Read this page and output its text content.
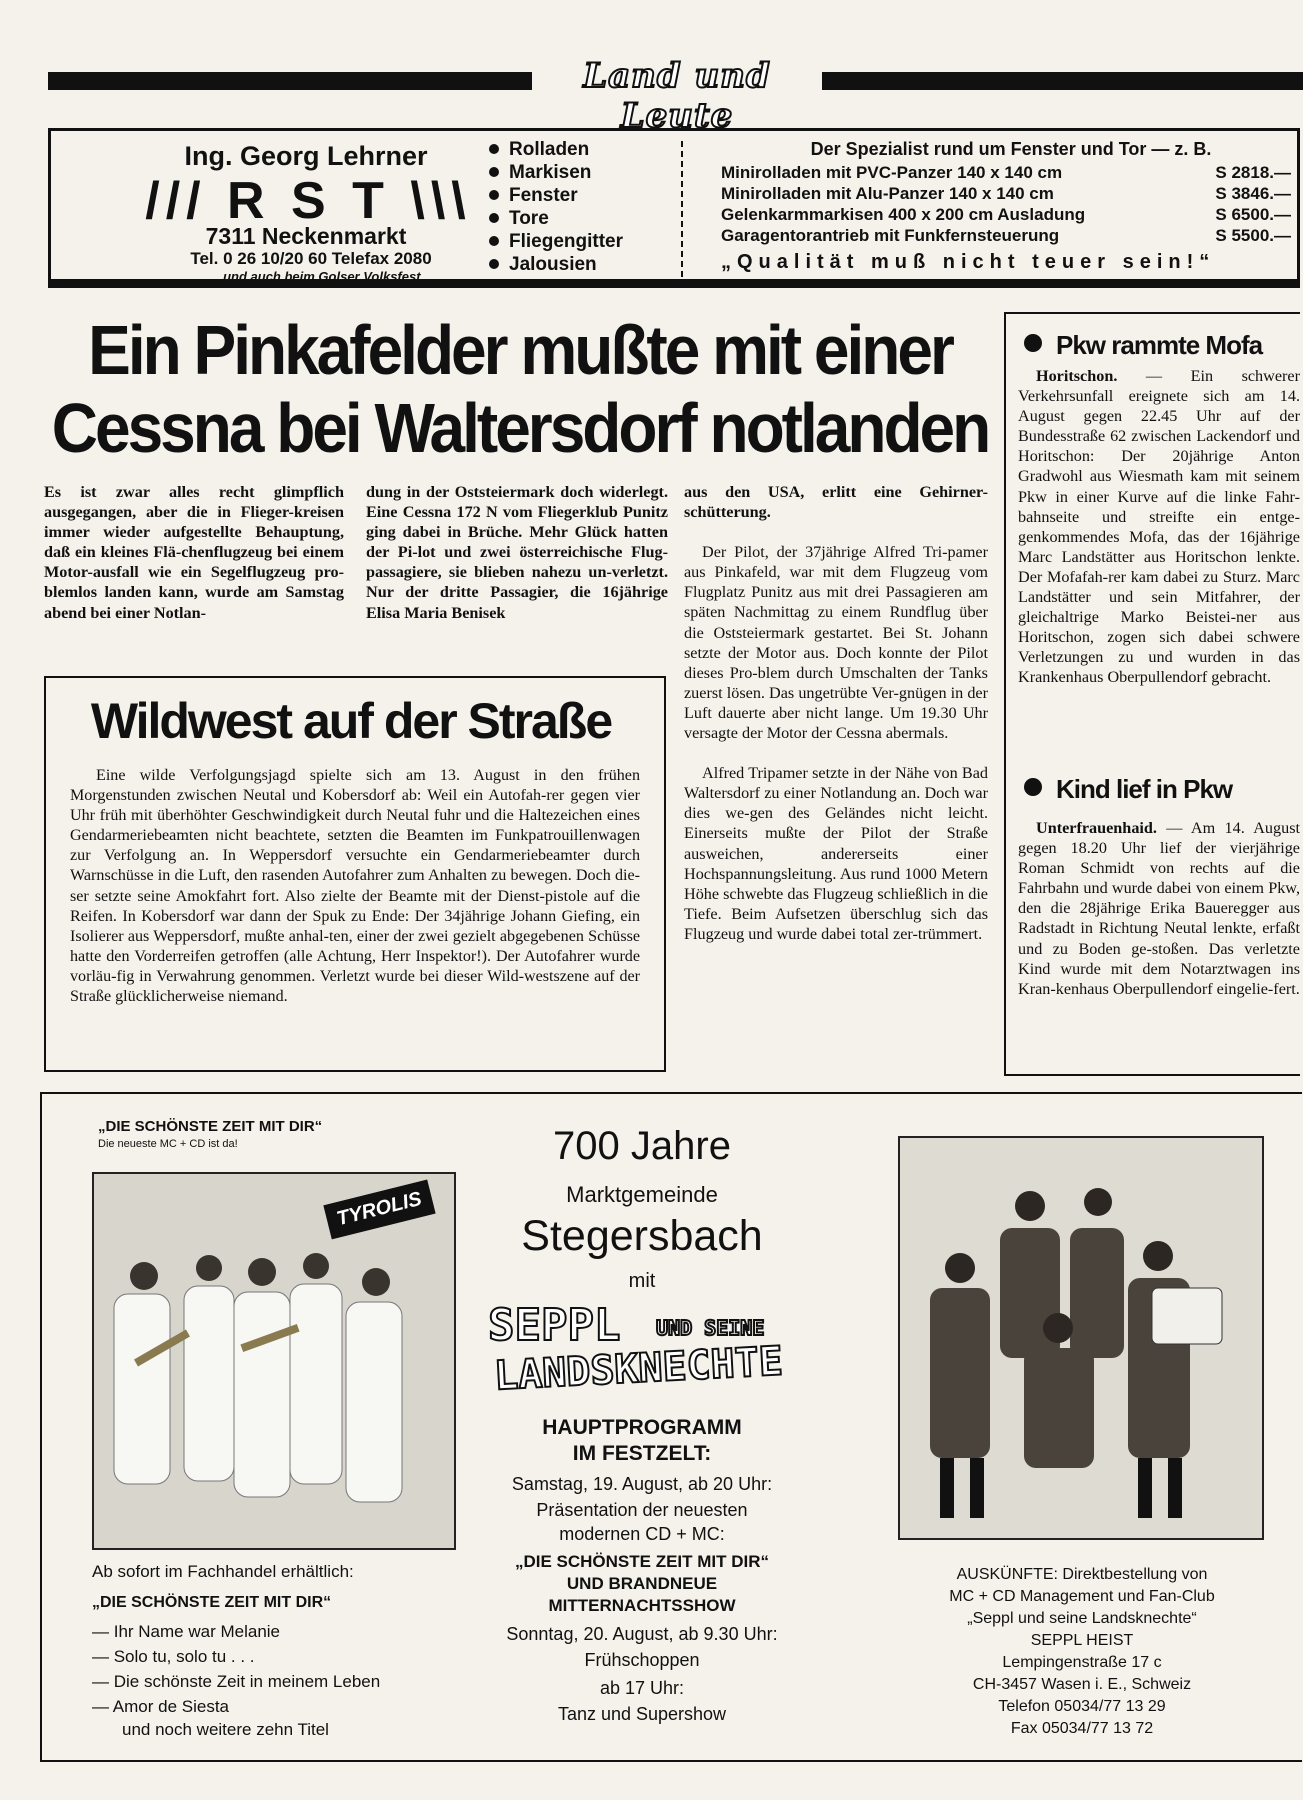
Land und Leute
Ing. Georg Lehrner
/// R S T \\\
7311 Neckenmarkt
Tel. 0 26 10/20 60 Telefax 2080
. . . und auch beim Golser Volksfest
Rolladen
Markisen
Fenster
Tore
Fliegengitter
Jalousien
Der Spezialist rund um Fenster und Tor — z. B.
Minirolladen mit PVC-Panzer 140 x 140 cm	S 2818.—
Minirolladen mit Alu-Panzer 140 x 140 cm	S 3846.—
Gelenkarmmarkisen 400 x 200 cm Ausladung	S 6500.—
Garagentorantrieb mit Funkfernsteuerung	S 5500.—
„Qualität muß nicht teuer sein!“
Ein Pinkafelder mußte mit einer
Cessna bei Waltersdorf notlanden
Es ist zwar alles recht glimpflich ausgegangen, aber die in Flieger-kreisen immer wieder aufgestellte Behauptung, daß ein kleines Flä-chenflugzeug bei einem Motor-ausfall wie ein Segelflugzeug pro-blemlos landen kann, wurde am Samstag abend bei einer Notlan-
dung in der Oststeiermark doch widerlegt. Eine Cessna 172 N vom Fliegerklub Punitz ging dabei in Brüche. Mehr Glück hatten der Pi-lot und zwei österreichische Flug-passagiere, sie blieben nahezu un-verletzt. Nur der dritte Passagier, die 16jährige Elisa Maria Benisek

aus den USA, erlitt eine Gehirner-schütterung.

Der Pilot, der 37jährige Alfred Tri-pamer aus Pinkafeld, war mit dem Flugzeug vom Flugplatz Punitz aus mit drei Passagieren am späten Nachmittag zu einem Rundflug über die Oststeiermark gestartet. Bei St. Johann setzte der Motor aus. Doch konnte der Pilot dieses Pro-blem durch Umschalten der Tanks zuerst lösen. Das ungetrübte Ver-gnügen in der Luft dauerte aber nicht lange. Um 19.30 Uhr versagte der Motor der Cessna abermals.

Alfred Tripamer setzte in der Nähe von Bad Waltersdorf zu einer Notlandung an. Doch war dies we-gen des Geländes nicht leicht. Einerseits mußte der Pilot der Straße ausweichen, andererseits einer Hochspannungsleitung. Aus rund 1000 Metern Höhe schwebte das Flugzeug schließlich in die Tiefe. Beim Aufsetzen überschlug sich das Flugzeug und wurde dabei total zer-trümmert.

Wildwest auf der Straße
Eine wilde Verfolgungsjagd spielte sich am 13. August in den frühen Morgenstunden zwischen Neutal und Kobersdorf ab: Weil ein Autofah-rer gegen vier Uhr früh mit überhöhter Geschwindigkeit durch Neutal fuhr und die Haltezeichen eines Gendarmeriebeamten nicht beachtete, setzten die Beamten im Funkpatrouillenwagen zur Verfolgung an. In Weppersdorf versuchte ein Gendarmeriebeamter durch Warnschüsse in die Luft, den rasenden Autofahrer zum Anhalten zu bewegen. Doch die-ser setzte seine Amokfahrt fort. Also zielte der Beamte mit der Dienst-pistole auf die Reifen. In Kobersdorf war dann der Spuk zu Ende: Der 34jährige Johann Giefing, ein Isolierer aus Weppersdorf, mußte anhal-ten, einer der zwei gezielt abgegebenen Schüsse hatte den Vorderreifen getroffen (alle Achtung, Herr Inspektor!). Der Autofahrer wurde vorläu-fig in Verwahrung genommen. Verletzt wurde bei dieser Wild-westszene auf der Straße glücklicherweise niemand.
Pkw rammte Mofa
Horitschon. — Ein schwerer Verkehrsunfall ereignete sich am 14. August gegen 22.45 Uhr auf der Bundesstraße 62 zwischen Lackendorf und Horitschon: Der 20jährige Anton Gradwohl aus Wiesmath kam mit seinem Pkw in einer Kurve auf die linke Fahr-bahnseite und streifte ein entge-genkommendes Mofa, das der 16jährige Marc Landstätter aus Horitschon lenkte. Der Mofafah-rer kam dabei zu Sturz. Marc Landstätter und sein Mitfahrer, der gleichaltrige Marko Beistei-ner aus Horitschon, zogen sich dabei schwere Verletzungen zu und wurden in das Krankenhaus Oberpullendorf gebracht.
Kind lief in Pkw
Unterfrauenhaid. — Am 14. August gegen 18.20 Uhr lief der vierjährige Roman Schmidt von rechts auf die Fahrbahn und wurde dabei von einem Pkw, den die 28jährige Erika Baueregger aus Radstadt in Richtung Neutal lenkte, erfaßt und zu Boden ge-stoßen. Das verletzte Kind wurde mit dem Notarztwagen ins Kran-kenhaus Oberpullendorf eingelie-fert.
„DIE SCHÖNSTE ZEIT MIT DIR“
Die neueste MC + CD ist da!
TYROLIS
Ab sofort im Fachhandel erhältlich:
„DIE SCHÖNSTE ZEIT MIT DIR“
— Ihr Name war Melanie
— Solo tu, solo tu . . .
— Die schönste Zeit in meinem Leben
— Amor de Siesta
und noch weitere zehn Titel
700 Jahre
Marktgemeinde
Stegersbach
mit
SEPPL UND SEINE
LANDSKNECHTE
HAUPTPROGRAMM
IM FESTZELT:
Samstag, 19. August, ab 20 Uhr:
Präsentation der neuesten
modernen CD + MC:
„DIE SCHÖNSTE ZEIT MIT DIR“
UND BRANDNEUE
MITTERNACHTSSHOW
Sonntag, 20. August, ab 9.30 Uhr:
Frühschoppen
ab 17 Uhr:
Tanz und Supershow
AUSKÜNFTE: Direktbestellung von
MC + CD Management und Fan-Club
„Seppl und seine Landsknechte“
SEPPL HEIST
Lempingenstraße 17 c
CH-3457 Wasen i. E., Schweiz
Telefon 05034/77 13 29
Fax 05034/77 13 72
